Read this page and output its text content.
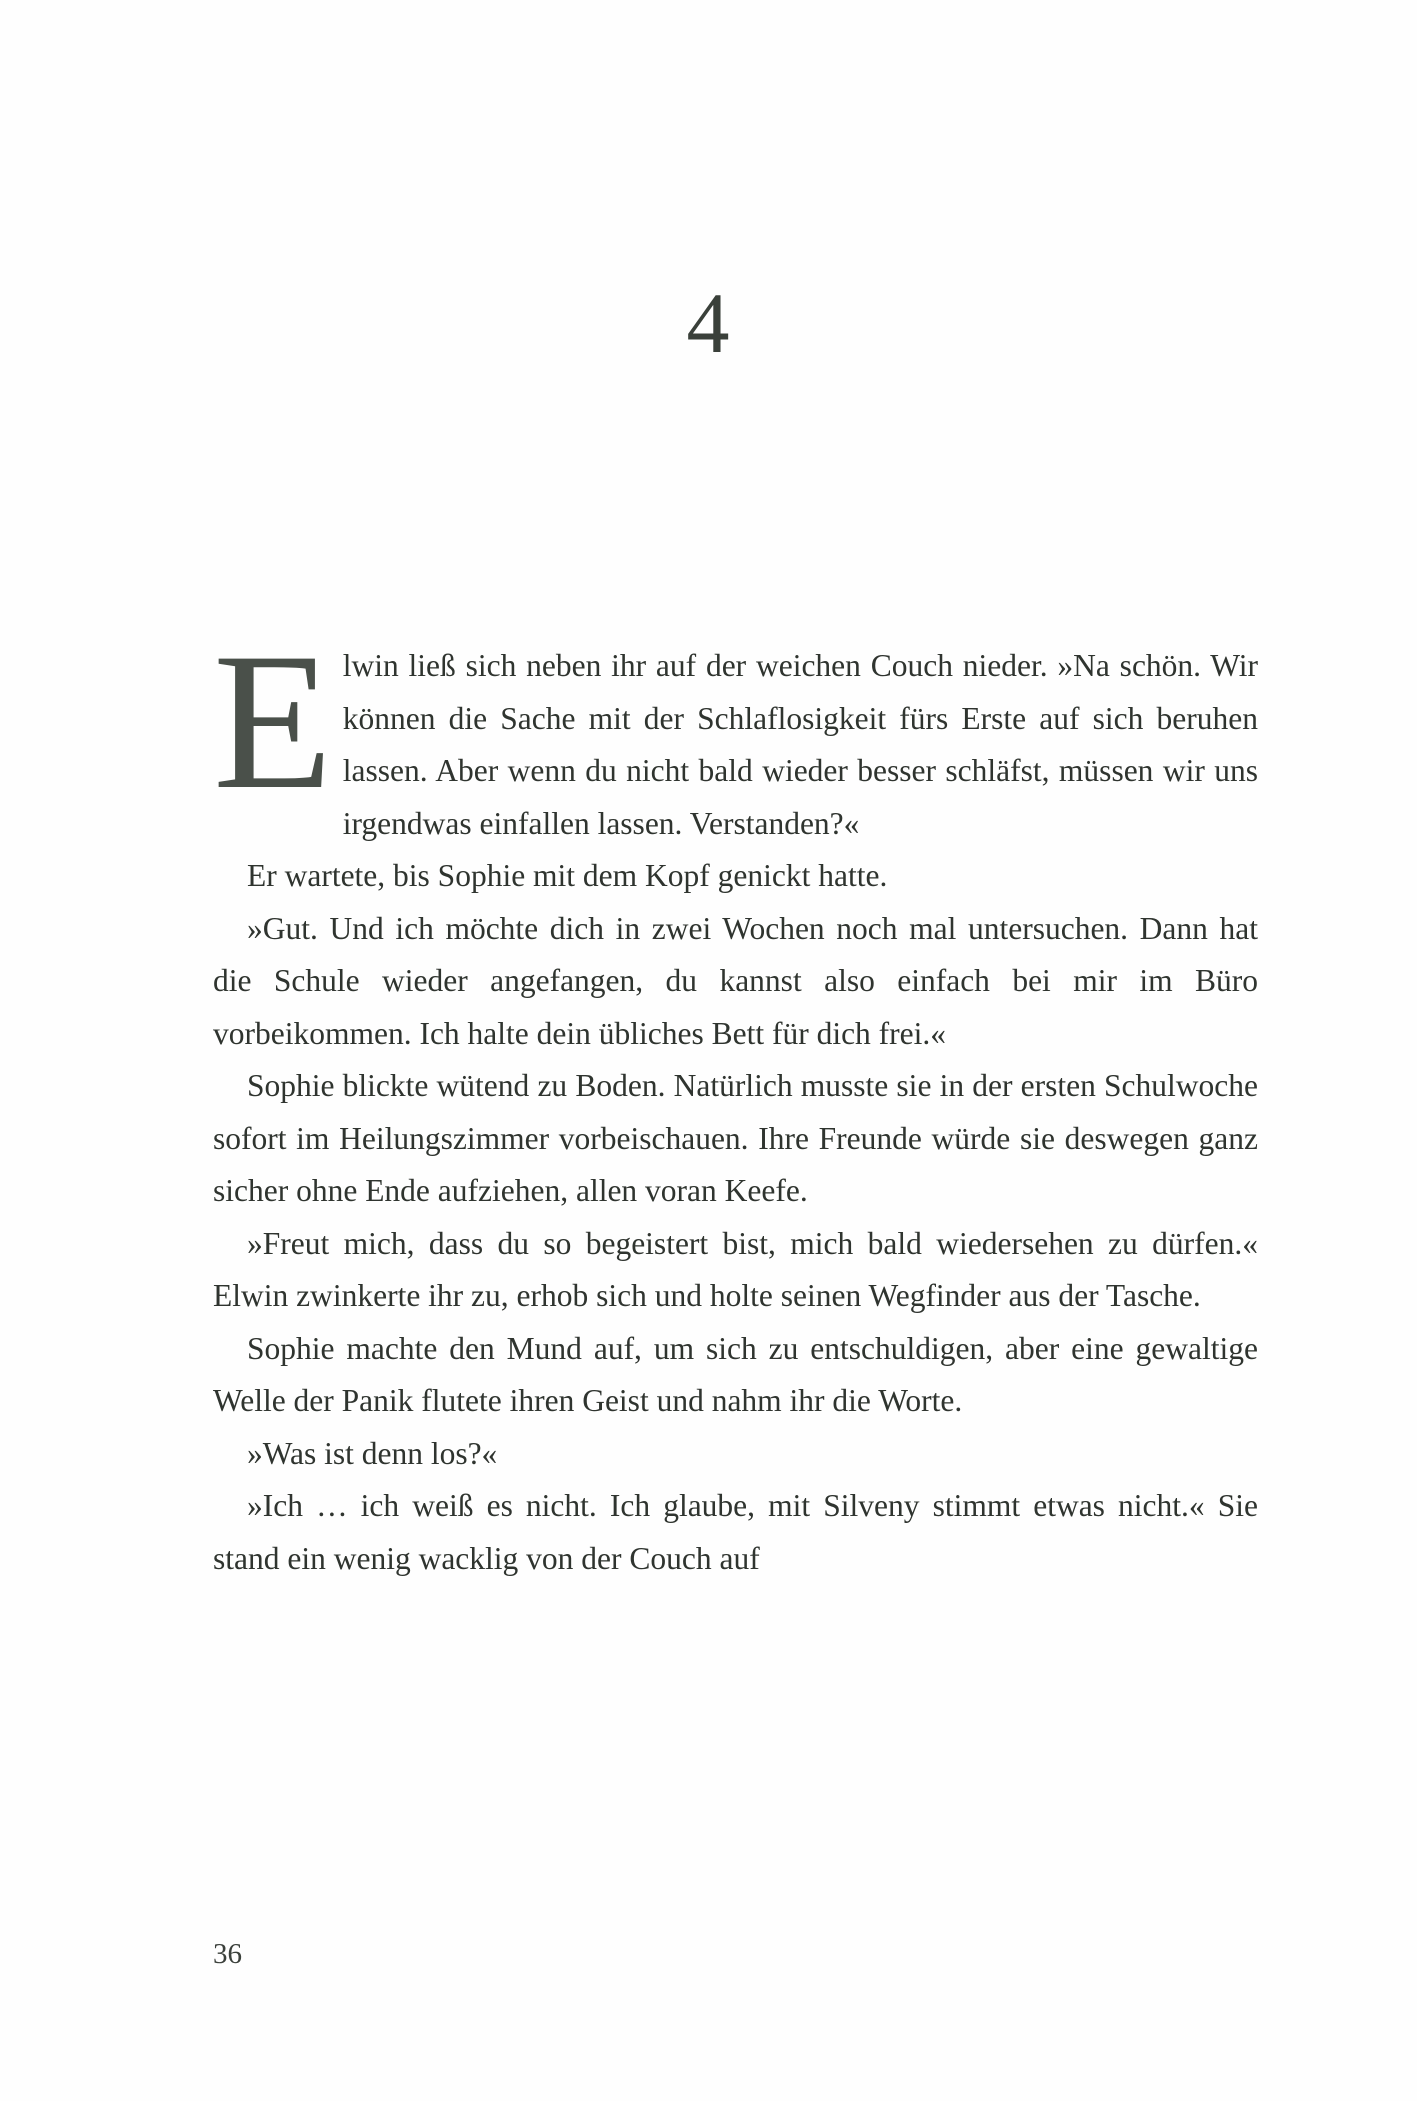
4

Elwin ließ sich neben ihr auf der weichen Couch nieder. »Na schön. Wir können die Sache mit der Schlaflosigkeit fürs Erste auf sich beruhen lassen. Aber wenn du nicht bald wieder besser schläfst, müssen wir uns irgendwas einfallen lassen. Verstanden?«

Er wartete, bis Sophie mit dem Kopf genickt hatte.

»Gut. Und ich möchte dich in zwei Wochen noch mal untersuchen. Dann hat die Schule wieder angefangen, du kannst also einfach bei mir im Büro vorbeikommen. Ich halte dein übliches Bett für dich frei.«

Sophie blickte wütend zu Boden. Natürlich musste sie in der ersten Schulwoche sofort im Heilungszimmer vorbeischauen. Ihre Freunde würde sie deswegen ganz sicher ohne Ende aufziehen, allen voran Keefe.

»Freut mich, dass du so begeistert bist, mich bald wiedersehen zu dürfen.« Elwin zwinkerte ihr zu, erhob sich und holte seinen Wegfinder aus der Tasche.

Sophie machte den Mund auf, um sich zu entschuldigen, aber eine gewaltige Welle der Panik flutete ihren Geist und nahm ihr die Worte.

»Was ist denn los?«

»Ich … ich weiß es nicht. Ich glaube, mit Silveny stimmt etwas nicht.« Sie stand ein wenig wacklig von der Couch auf

36
